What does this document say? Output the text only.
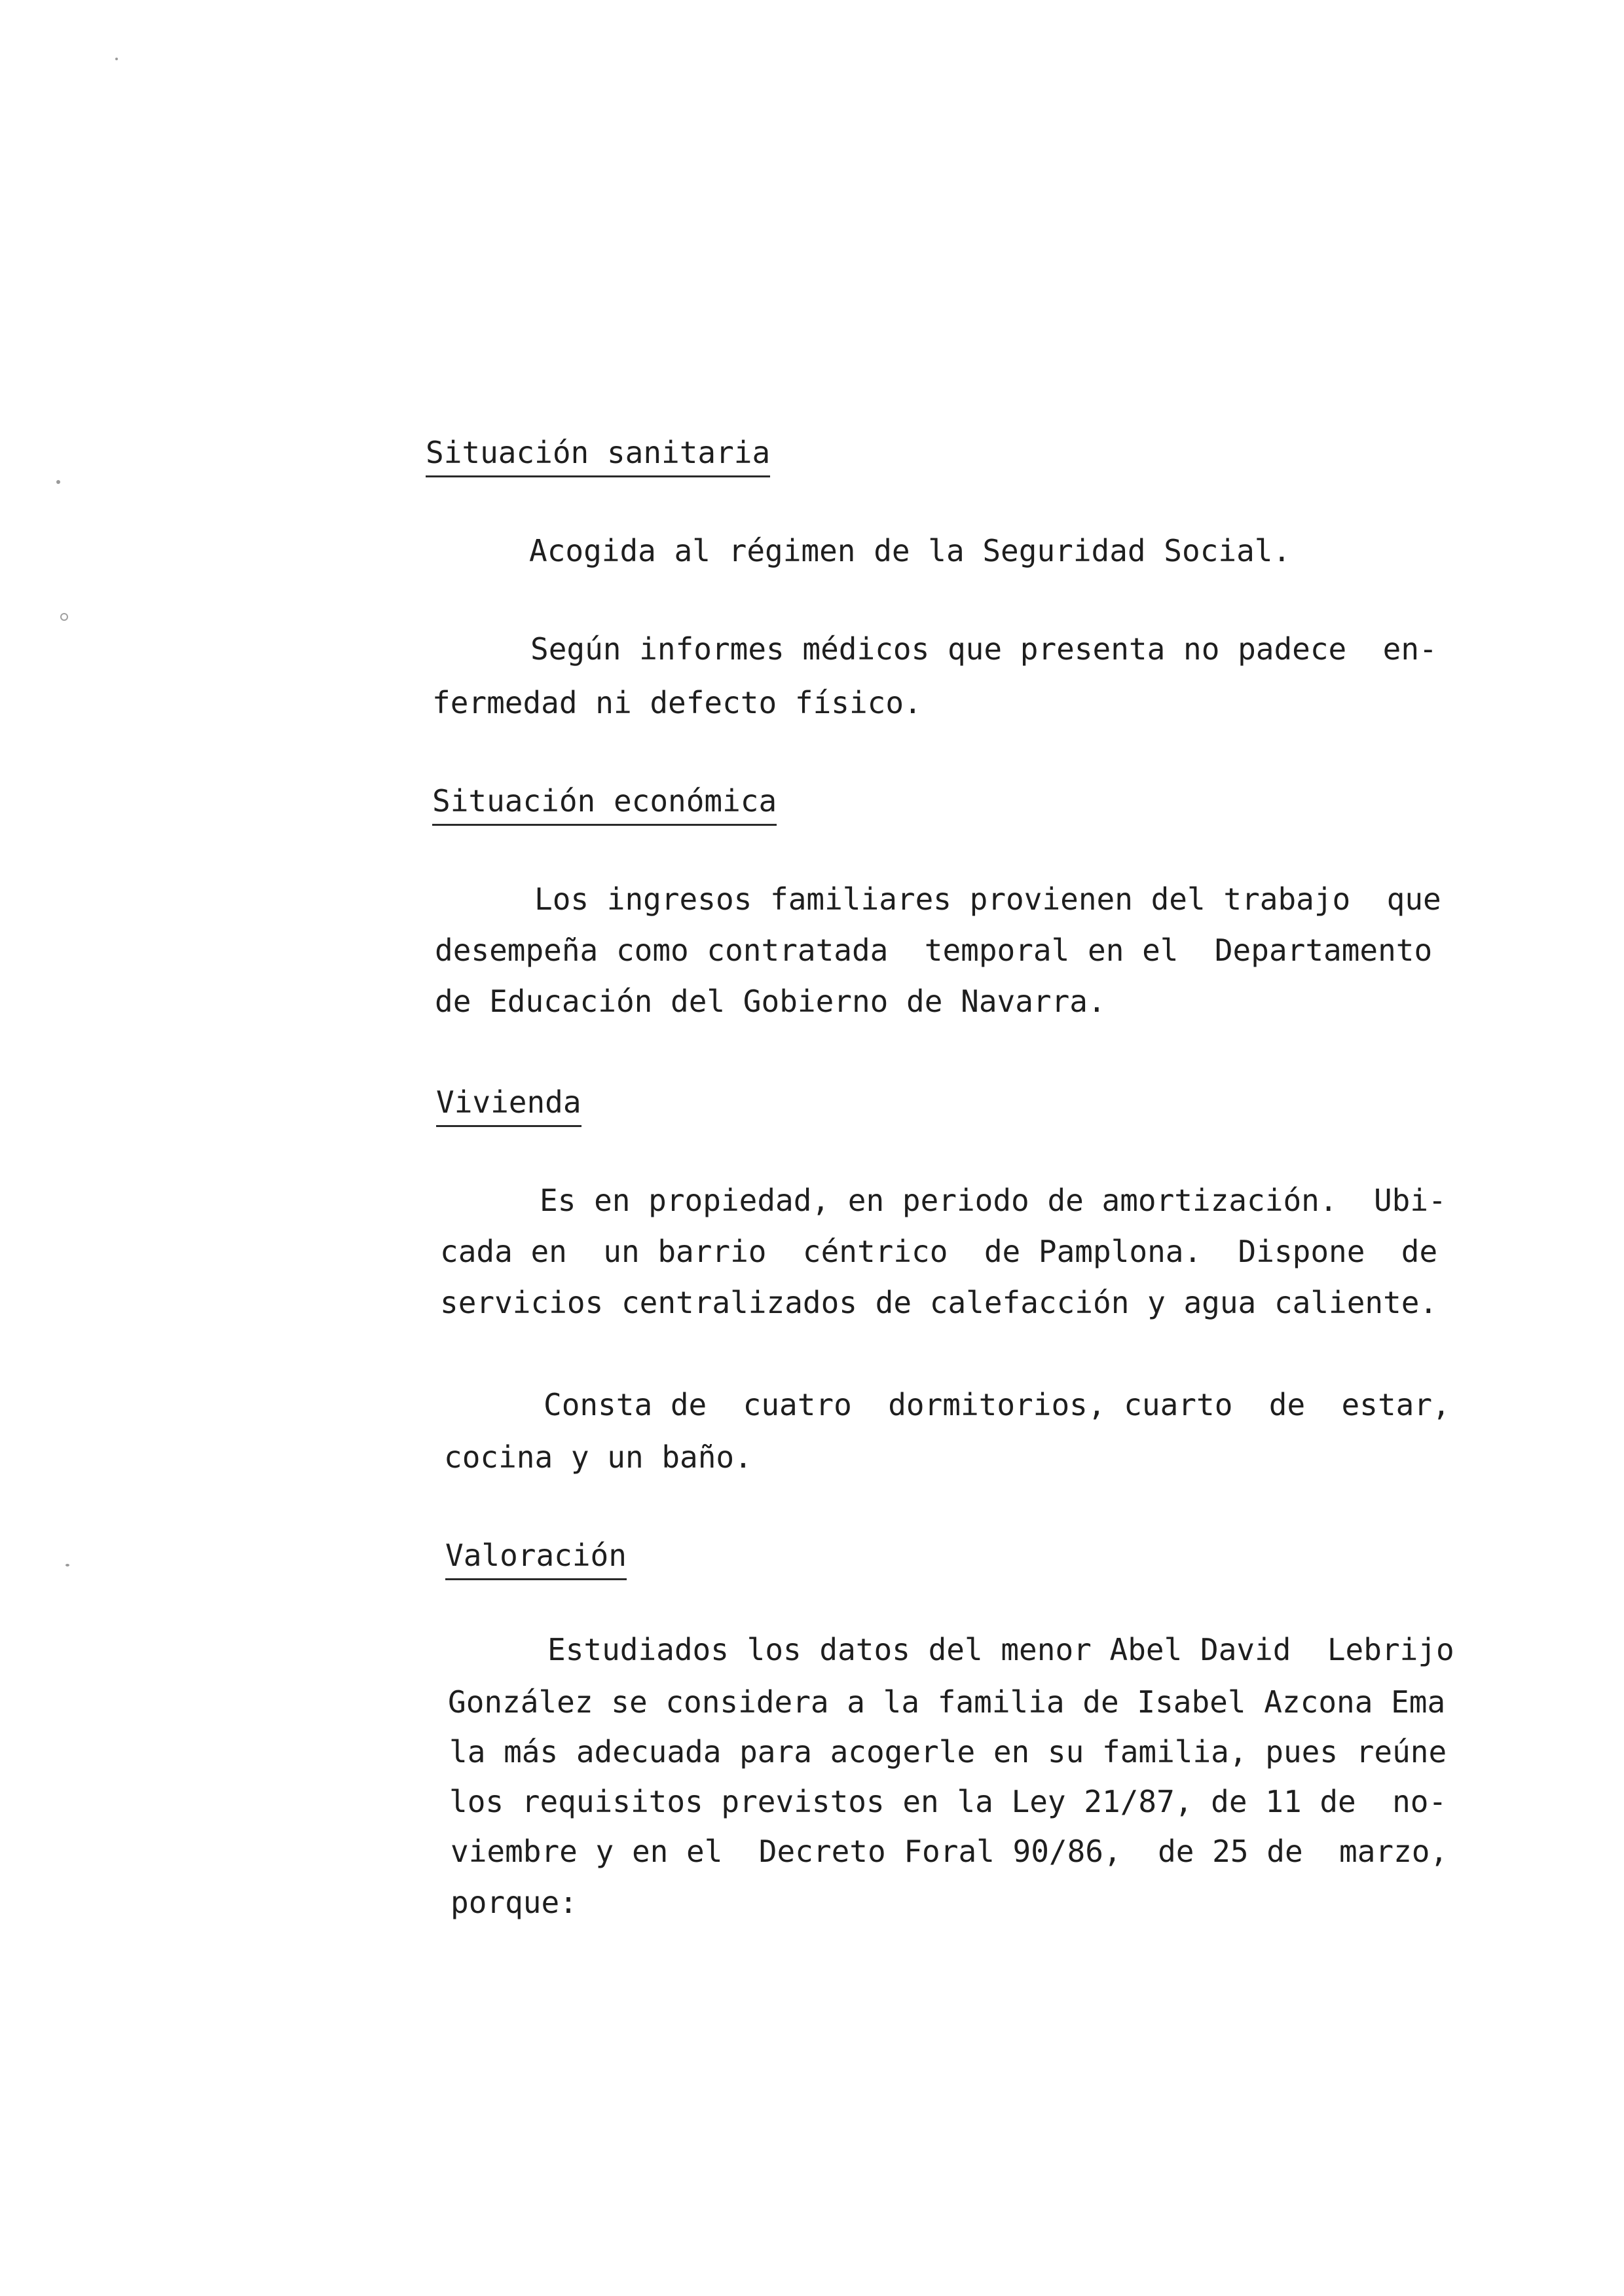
Situación sanitaria
Acogida al régimen de la Seguridad Social.
Según informes médicos que presenta no padece  en-
fermedad ni defecto físico.
Situación económica
Los ingresos familiares provienen del trabajo  que
desempeña como contratada  temporal en el  Departamento
de Educación del Gobierno de Navarra.
Vivienda
Es en propiedad, en periodo de amortización.  Ubi-
cada en  un barrio  céntrico  de Pamplona.  Dispone  de
servicios centralizados de calefacción y agua caliente.
Consta de  cuatro  dormitorios, cuarto  de  estar,
cocina y un baño.
Valoración
Estudiados los datos del menor Abel David  Lebrijo
González se considera a la familia de Isabel Azcona Ema
la más adecuada para acogerle en su familia, pues reúne
los requisitos previstos en la Ley 21/87, de 11 de  no-
viembre y en el  Decreto Foral 90/86,  de 25 de  marzo,
porque:
